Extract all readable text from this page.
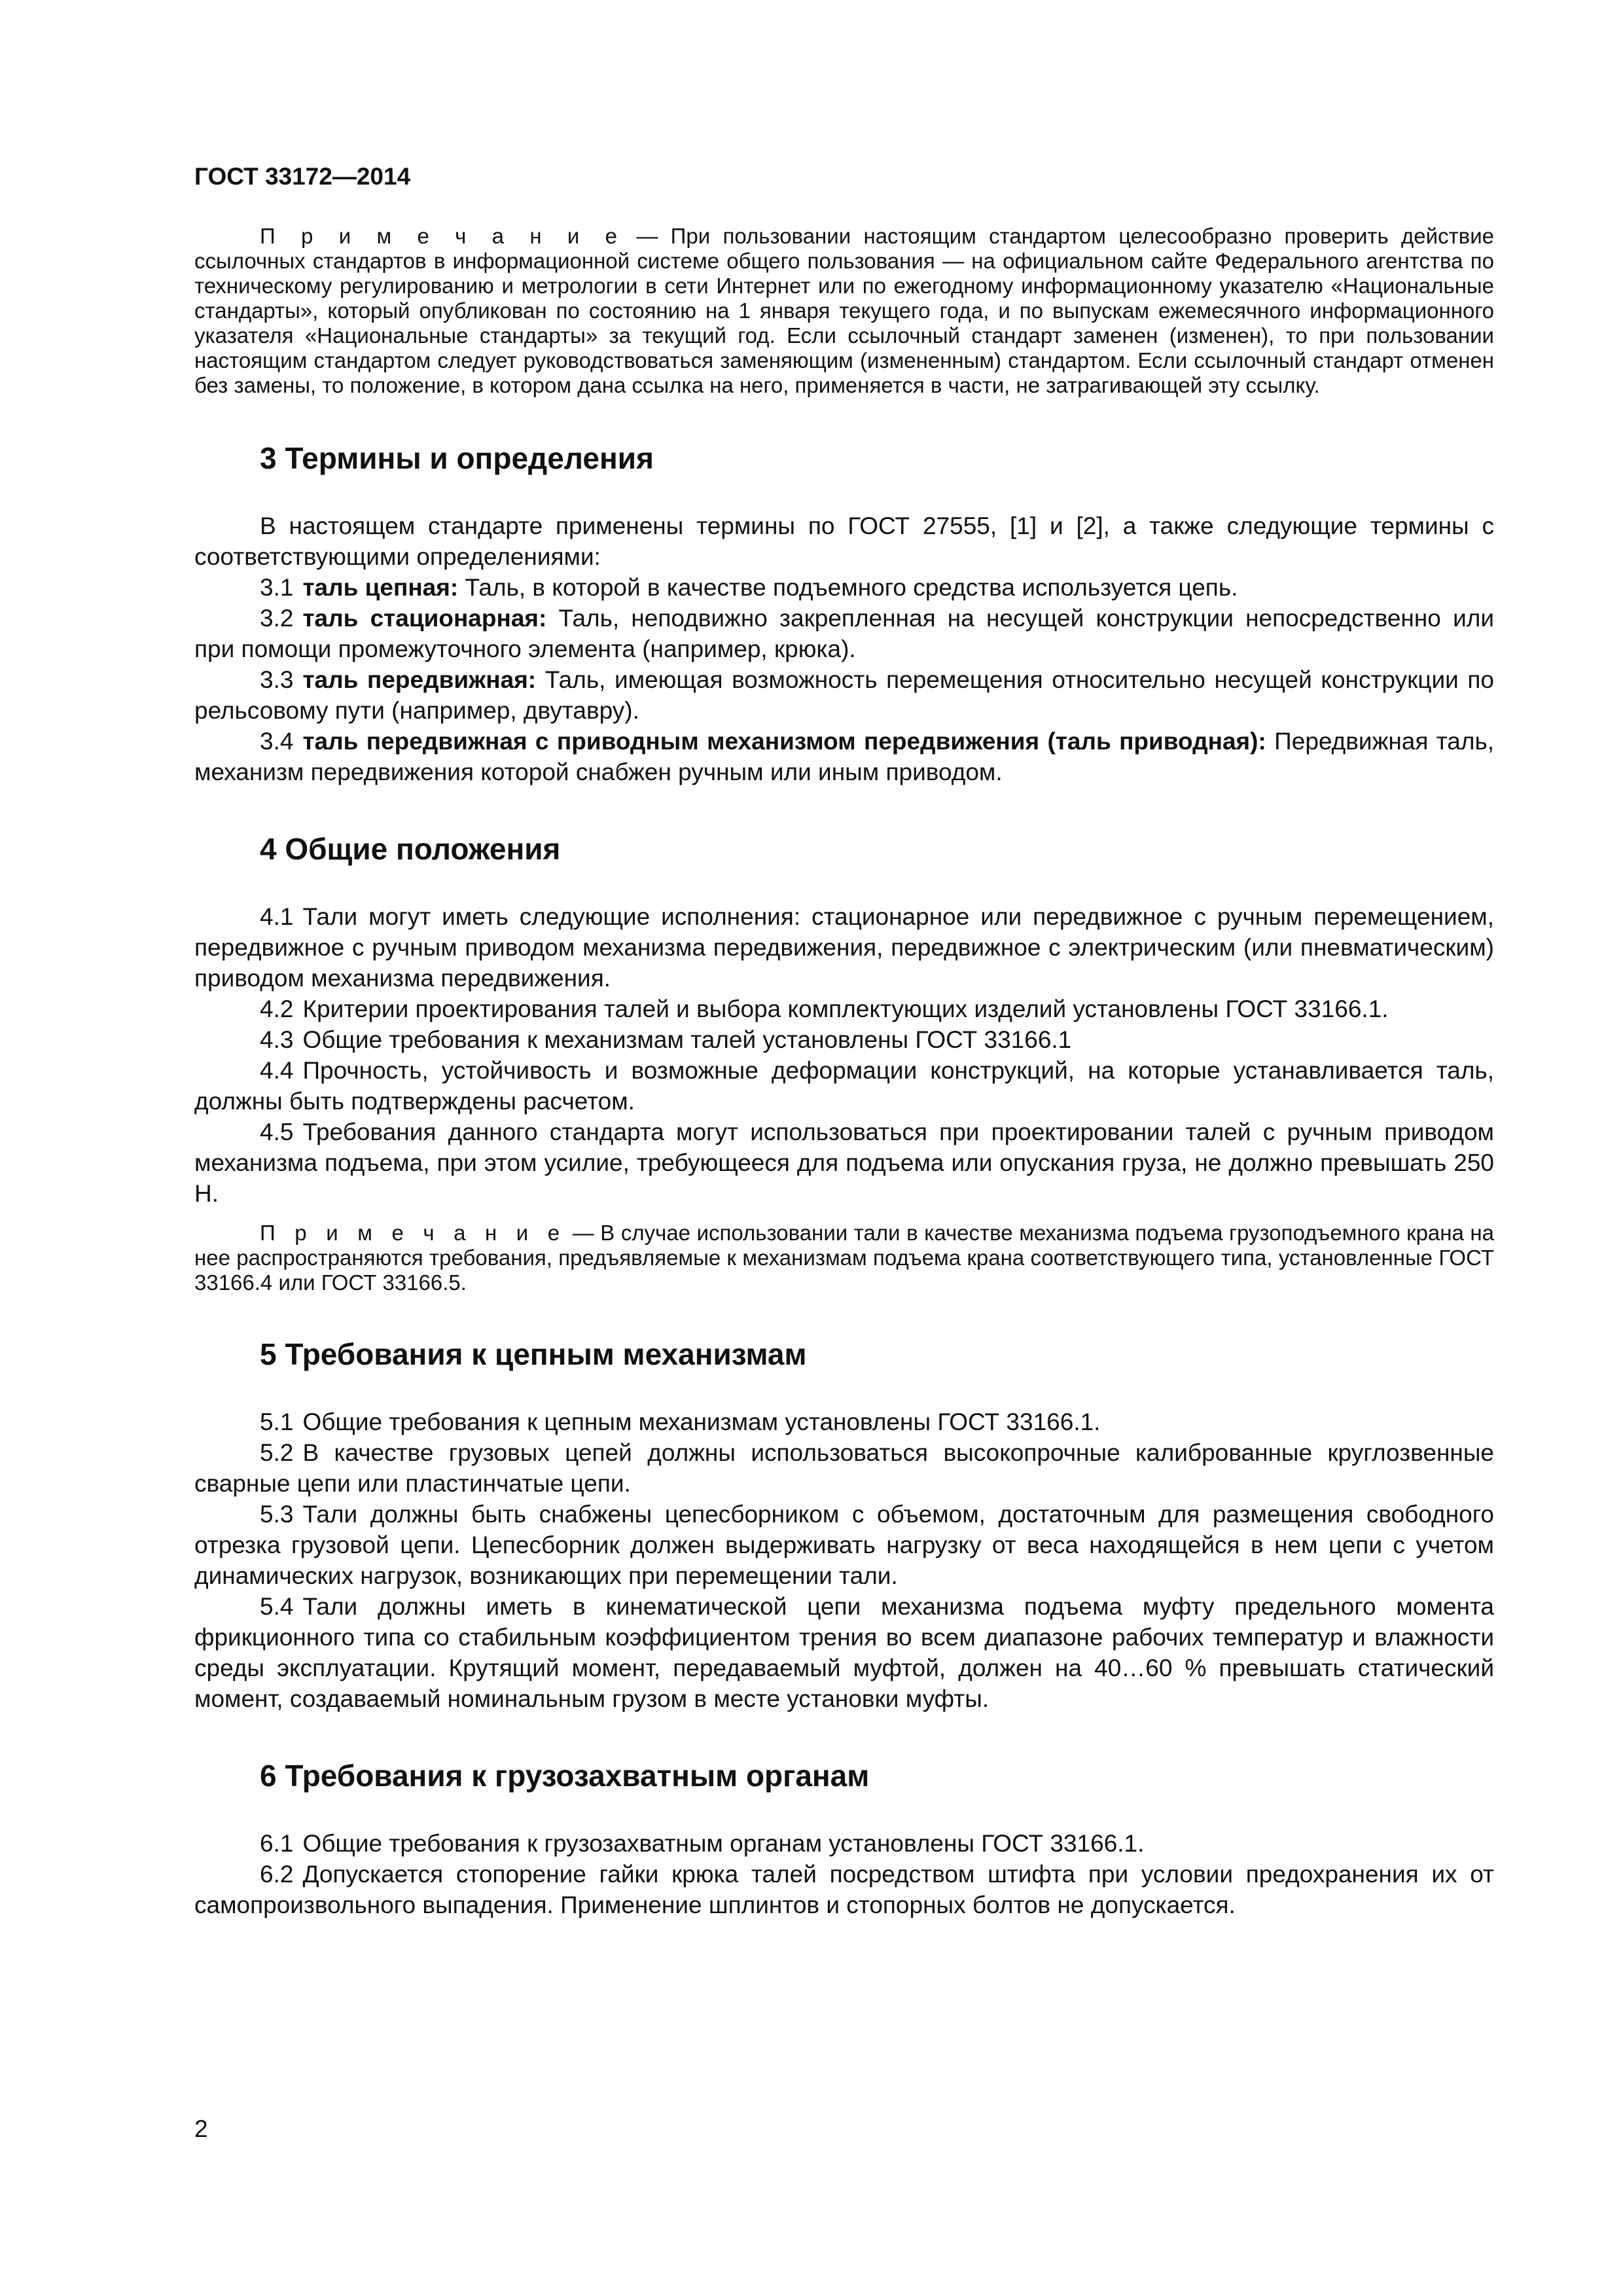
ГОСТ 33172—2014

П р и м е ч а н и е — При пользовании настоящим стандартом целесообразно проверить действие ссылочных стандартов в информационной системе общего пользования — на официальном сайте Федерального агентства по техническому регулированию и метрологии в сети Интернет или по ежегодному информационному указателю «Национальные стандарты», который опубликован по состоянию на 1 января текущего года, и по выпускам ежемесячного информационного указателя «Национальные стандарты» за текущий год. Если ссылочный стандарт заменен (изменен), то при пользовании настоящим стандартом следует руководствоваться заменяющим (измененным) стандартом. Если ссылочный стандарт отменен без замены, то положение, в котором дана ссылка на него, применяется в части, не затрагивающей эту ссылку.

3 Термины и определения

В настоящем стандарте применены термины по ГОСТ 27555, [1] и [2], а также следующие термины с соответствующими определениями:

3.1 таль цепная: Таль, в которой в качестве подъемного средства используется цепь.

3.2 таль стационарная: Таль, неподвижно закрепленная на несущей конструкции непосредственно или при помощи промежуточного элемента (например, крюка).

3.3 таль передвижная: Таль, имеющая возможность перемещения относительно несущей конструкции по рельсовому пути (например, двутавру).

3.4 таль передвижная с приводным механизмом передвижения (таль приводная): Передвижная таль, механизм передвижения которой снабжен ручным или иным приводом.

4 Общие положения

4.1 Тали могут иметь следующие исполнения: стационарное или передвижное с ручным перемещением, передвижное с ручным приводом механизма передвижения, передвижное с электрическим (или пневматическим) приводом механизма передвижения.

4.2 Критерии проектирования талей и выбора комплектующих изделий установлены ГОСТ 33166.1.

4.3 Общие требования к механизмам талей установлены ГОСТ 33166.1

4.4 Прочность, устойчивость и возможные деформации конструкций, на которые устанавливается таль, должны быть подтверждены расчетом.

4.5 Требования данного стандарта могут использоваться при проектировании талей с ручным приводом механизма подъема, при этом усилие, требующееся для подъема или опускания груза, не должно превышать 250 Н.

П р и м е ч а н и е — В случае использовании тали в качестве механизма подъема грузоподъемного крана на нее распространяются требования, предъявляемые к механизмам подъема крана соответствующего типа, установленные ГОСТ 33166.4 или ГОСТ 33166.5.

5 Требования к цепным механизмам

5.1 Общие требования к цепным механизмам установлены ГОСТ 33166.1.

5.2 В качестве грузовых цепей должны использоваться высокопрочные калиброванные круглозвенные сварные цепи или пластинчатые цепи.

5.3 Тали должны быть снабжены цепесборником с объемом, достаточным для размещения свободного отрезка грузовой цепи. Цепесборник должен выдерживать нагрузку от веса находящейся в нем цепи с учетом динамических нагрузок, возникающих при перемещении тали.

5.4 Тали должны иметь в кинематической цепи механизма подъема муфту предельного момента фрикционного типа со стабильным коэффициентом трения во всем диапазоне рабочих температур и влажности среды эксплуатации. Крутящий момент, передаваемый муфтой, должен на 40…60 % превышать статический момент, создаваемый номинальным грузом в месте установки муфты.

6 Требования к грузозахватным органам

6.1 Общие требования к грузозахватным органам установлены ГОСТ 33166.1.

6.2 Допускается стопорение гайки крюка талей посредством штифта при условии предохранения их от самопроизвольного выпадения. Применение шплинтов и стопорных болтов не допускается.

2
